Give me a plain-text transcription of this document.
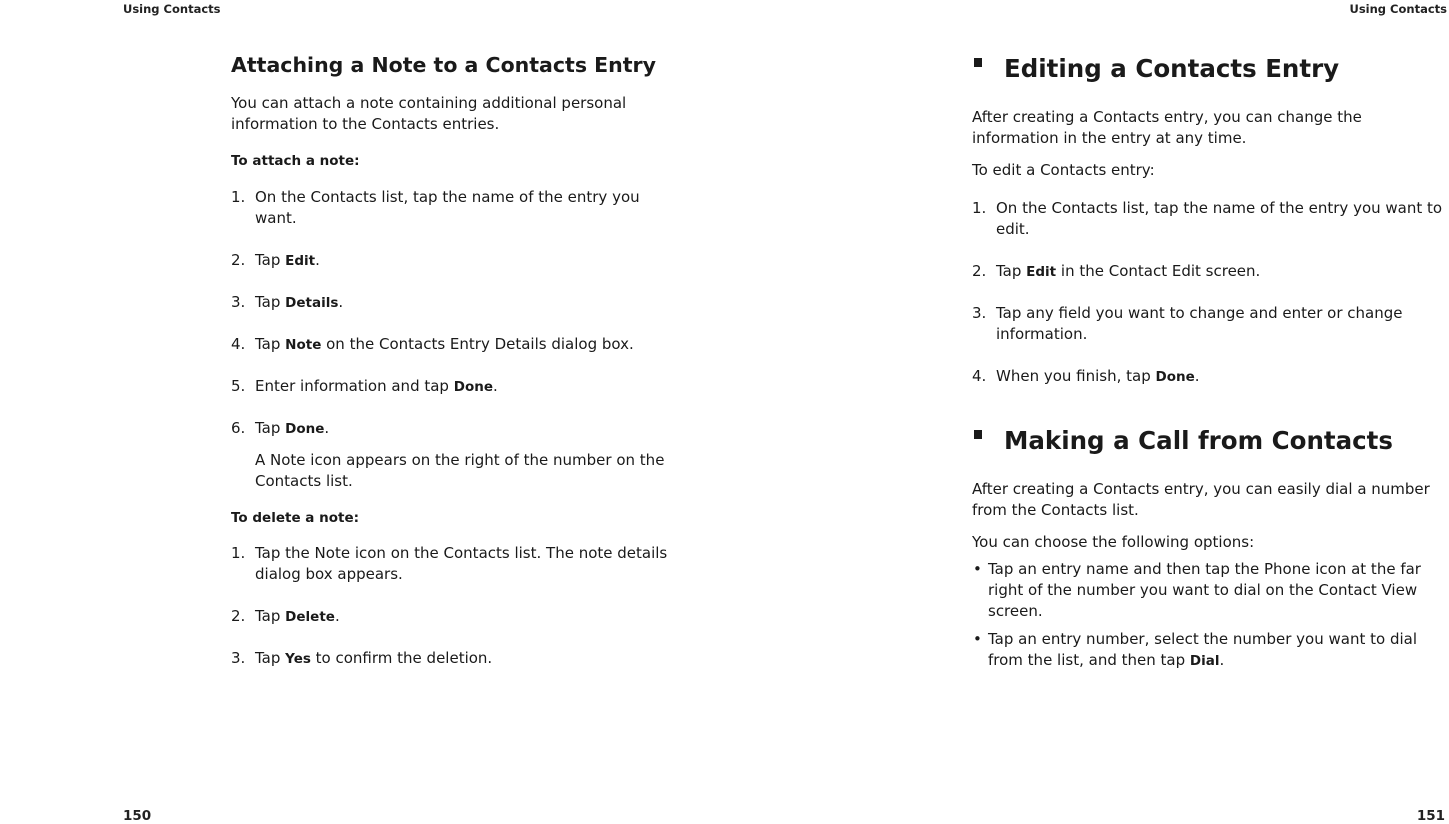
Using Contacts	Using Contacts
Attaching a Note to a Contacts Entry

You can attach a note containing additional personal information to the Contacts entries.

To attach a note:
1. On the Contacts list, tap the name of the entry you want.
2. Tap Edit.
3. Tap Details.
4. Tap Note on the Contacts Entry Details dialog box.
5. Enter information and tap Done.
6. Tap Done.

A Note icon appears on the right of the number on the Contacts list.

To delete a note:
1. Tap the Note icon on the Contacts list. The note details dialog box appears.
2. Tap Delete.
3. Tap Yes to confirm the deletion.
Editing a Contacts Entry

After creating a Contacts entry, you can change the information in the entry at any time.

To edit a Contacts entry:

1. On the Contacts list, tap the name of the entry you want to edit.
2. Tap Edit in the Contact Edit screen.
3. Tap any field you want to change and enter or change information.
4. When you finish, tap Done.
Making a Call from Contacts

After creating a Contacts entry, you can easily dial a number from the Contacts list.

You can choose the following options:

• Tap an entry name and then tap the Phone icon at the far right of the number you want to dial on the Contact View screen.
• Tap an entry number, select the number you want to dial from the list, and then tap Dial.
150	151
